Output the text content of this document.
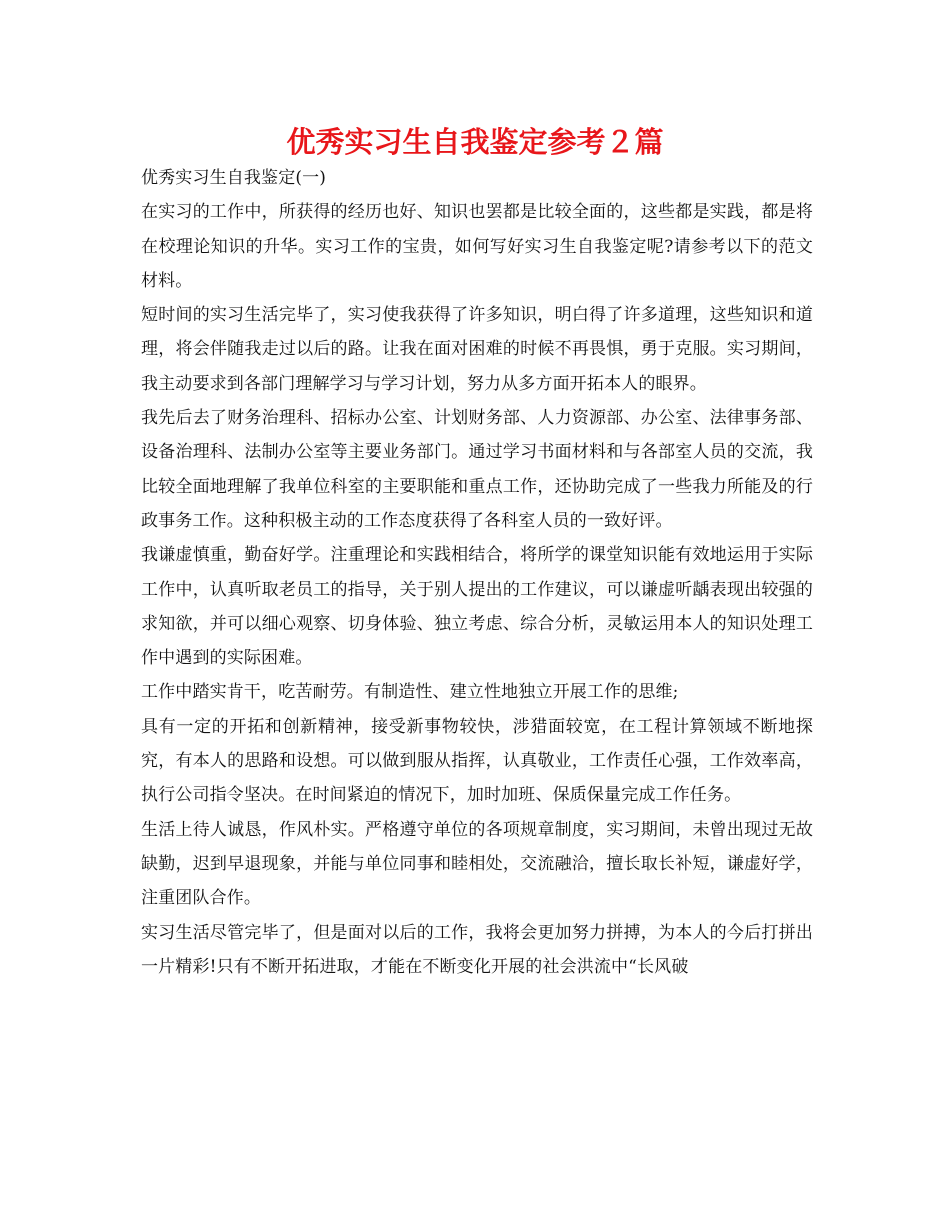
优秀实习生自我鉴定参考２篇

优秀实习生自我鉴定(一)

在实习的工作中，所获得的经历也好、知识也罢都是比较全面的，这些都是实践，都是将在校理论知识的升华。实习工作的宝贵，如何写好实习生自我鉴定呢?请参考以下的范文材料。

短时间的实习生活完毕了，实习使我获得了许多知识，明白得了许多道理，这些知识和道理，将会伴随我走过以后的路。让我在面对困难的时候不再畏惧，勇于克服。实习期间，我主动要求到各部门理解学习与学习计划，努力从多方面开拓本人的眼界。

我先后去了财务治理科、招标办公室、计划财务部、人力资源部、办公室、法律事务部、设备治理科、法制办公室等主要业务部门。通过学习书面材料和与各部室人员的交流，我比较全面地理解了我单位科室的主要职能和重点工作，还协助完成了一些我力所能及的行政事务工作。这种积极主动的工作态度获得了各科室人员的一致好评。

我谦虚慎重，勤奋好学。注重理论和实践相结合，将所学的课堂知识能有效地运用于实际工作中，认真听取老员工的指导，关于别人提出的工作建议，可以谦虚听龋表现出较强的求知欲，并可以细心观察、切身体验、独立考虑、综合分析，灵敏运用本人的知识处理工作中遇到的实际困难。

工作中踏实肯干，吃苦耐劳。有制造性、建立性地独立开展工作的思维;

具有一定的开拓和创新精神，接受新事物较快，涉猎面较宽，在工程计算领域不断地探究，有本人的思路和设想。可以做到服从指挥，认真敬业，工作责任心强，工作效率高，执行公司指令坚决。在时间紧迫的情况下，加时加班、保质保量完成工作任务。

生活上待人诚恳，作风朴实。严格遵守单位的各项规章制度，实习期间，未曾出现过无故缺勤，迟到早退现象，并能与单位同事和睦相处，交流融洽，擅长取长补短，谦虚好学，注重团队合作。

实习生活尽管完毕了，但是面对以后的工作，我将会更加努力拼搏，为本人的今后打拼出一片精彩!只有不断开拓进取，才能在不断变化开展的社会洪流中“长风破
